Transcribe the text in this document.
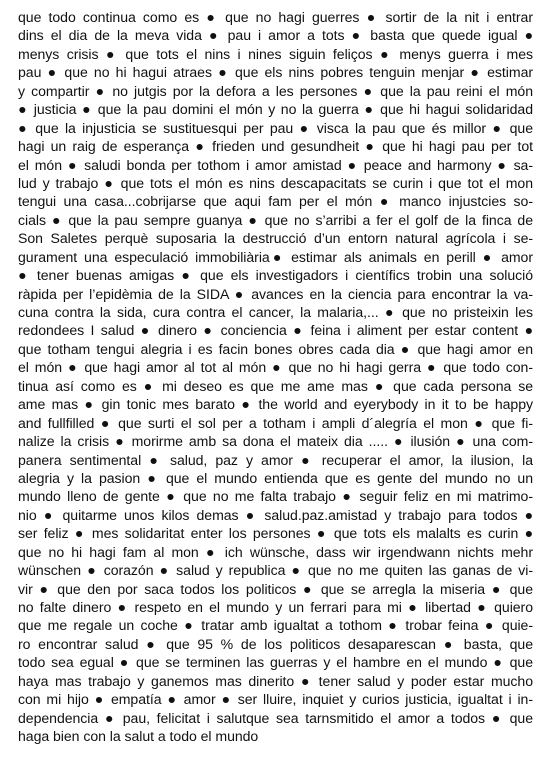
que todo continua como es ● que no hagi guerres ● sortir de la nit i entrar
dins el dia de la meva vida ● pau i amor a tots ● basta que quede igual ●
menys crisis ● que tots el nins i nines siguin feliços ● menys guerra i mes
pau ● que no hi hagui atraes ● que els nins pobres tenguin menjar ● estimar
y compartir ● no jutgis por la defora a les persones ● que la pau reini el món
● justicia ● que la pau domini el món y no la guerra ● que hi hagui solidaridad
● que la injusticia se sustituesqui per pau ● visca la pau que és millor ● que
hagi un raig de esperança ● frieden und gesundheit ● que hi hagi pau per tot
el món ● saludi bonda per tothom i amor amistad ● peace and harmony ● sa-
lud y trabajo ● que tots el món es nins descapacitats se curin i que tot el mon
tengui una casa...cobrijarse que aqui fam per el món ● manco injustcies so-
cials ● que la pau sempre guanya ● que no s’arribi a fer el golf de la finca de
Son Saletes perquè suposaria la destrucció d’un entorn natural agrícola i se-
gurament una especulació immobiliària● estimar als animals en perill ● amor
● tener buenas amigas ● que els investigadors i científics trobin una solució
ràpida per l’epidèmia de la SIDA ● avances en la ciencia para encontrar la va-
cuna contra la sida, cura contra el cancer, la malaria,... ● que no pristeixin les
redondees I salud ● dinero ● conciencia ● feina i aliment per estar content ●
que totham tengui alegria i es facin bones obres cada dia ● que hagi amor en
el món ● que hagi amor al tot al món ● que no hi hagi gerra ● que todo con-
tinua así como es ● mi deseo es que me ame mas ● que cada persona se
ame mas ● gin tonic mes barato ● the world and eyerybody in it to be happy
and fullfilled ● que surti el sol per a totham i ampli d´alegría el mon ● que fi-
nalize la crisis ● morirme amb sa dona el mateix dia ..... ● ilusión ● una com-
panera sentimental ● salud, paz y amor ● recuperar el amor, la ilusion, la
alegria y la pasion ● que el mundo entienda que es gente del mundo no un
mundo lleno de gente ● que no me falta trabajo ● seguir feliz en mi matrimo-
nio ● quitarme unos kilos demas ● salud.paz.amistad y trabajo para todos ●
ser feliz ● mes solidaritat enter los persones ● que tots els malalts es curin ●
que no hi hagi fam al mon ● ich wünsche, dass wir irgendwann nichts mehr
wünschen ● corazón ● salud y republica ● que no me quiten las ganas de vi-
vir ● que den por saca todos los politicos ● que se arregla la miseria ● que
no falte dinero ● respeto en el mundo y un ferrari para mi ● libertad ● quiero
que me regale un coche ● tratar amb igualtat a tothom ● trobar feina ● quie-
ro encontrar salud ● que 95 % de los politicos desaparescan ● basta, que
todo sea egual ● que se terminen las guerras y el hambre en el mundo ● que
haya mas trabajo y ganemos mas dinerito ● tener salud y poder estar mucho
con mi hijo ● empatía ● amor ● ser lluire, inquiet y curios justicia, igualtat i in-
dependencia ● pau, felicitat i salutque sea tarnsmitido el amor a todos ● que
haga bien con la salut a todo el mundo
